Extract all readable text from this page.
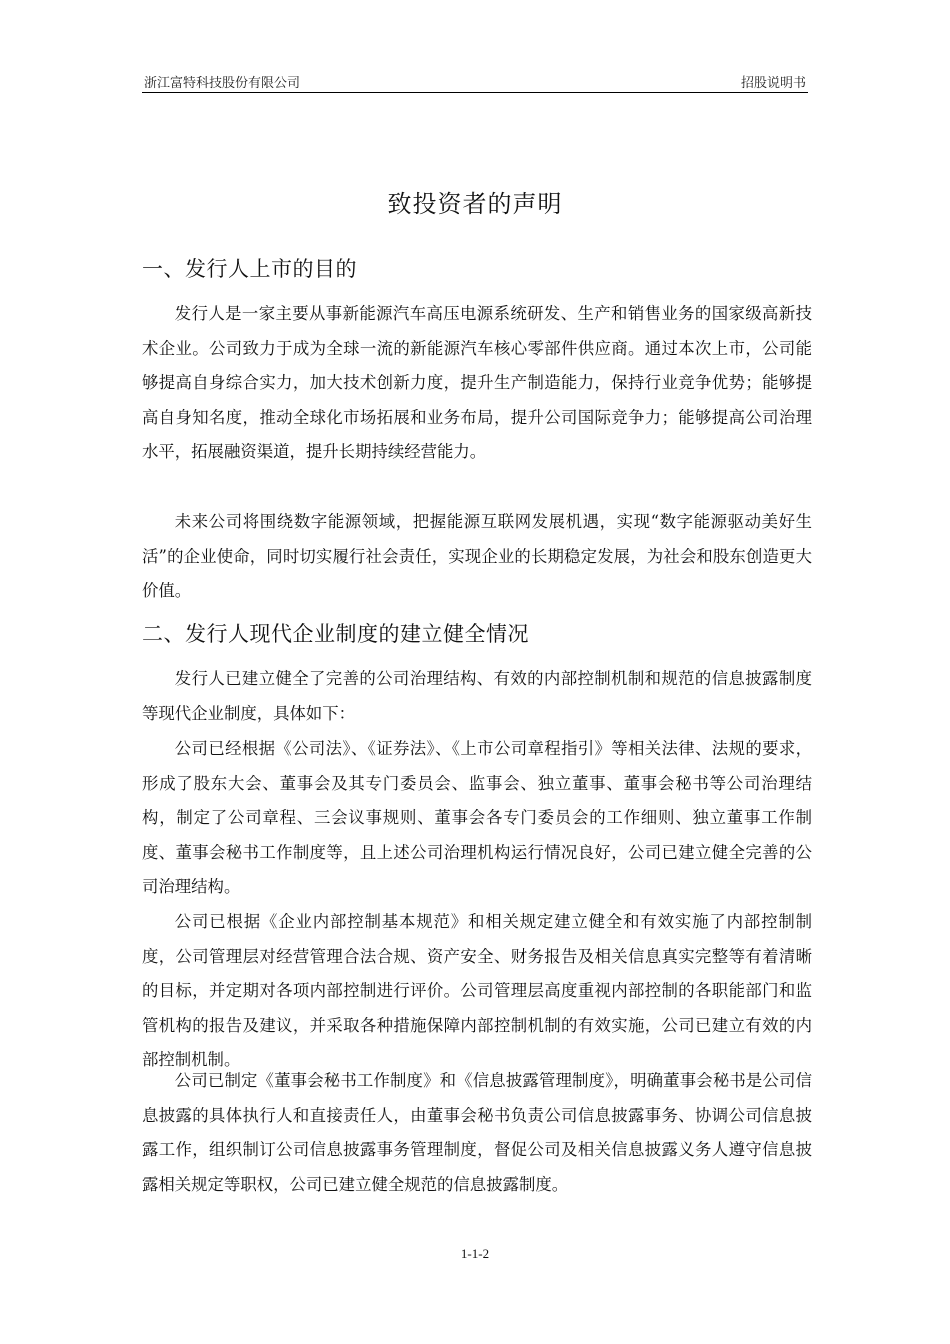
浙江富特科技股份有限公司	招股说明书
致投资者的声明
一、发行人上市的目的

发行人是一家主要从事新能源汽车高压电源系统研发、生产和销售业务的国家级高新技术企业。公司致力于成为全球一流的新能源汽车核心零部件供应商。通过本次上市，公司能够提高自身综合实力，加大技术创新力度，提升生产制造能力，保持行业竞争优势；能够提高自身知名度，推动全球化市场拓展和业务布局，提升公司国际竞争力；能够提高公司治理水平，拓展融资渠道，提升长期持续经营能力。

未来公司将围绕数字能源领域，把握能源互联网发展机遇，实现“数字能源驱动美好生活”的企业使命，同时切实履行社会责任，实现企业的长期稳定发展，为社会和股东创造更大价值。

二、发行人现代企业制度的建立健全情况

发行人已建立健全了完善的公司治理结构、有效的内部控制机制和规范的信息披露制度等现代企业制度，具体如下：

公司已经根据《公司法》、《证券法》、《上市公司章程指引》等相关法律、法规的要求，形成了股东大会、董事会及其专门委员会、监事会、独立董事、董事会秘书等公司治理结构，制定了公司章程、三会议事规则、董事会各专门委员会的工作细则、独立董事工作制度、董事会秘书工作制度等，且上述公司治理机构运行情况良好，公司已建立健全完善的公司治理结构。

公司已根据《企业内部控制基本规范》和相关规定建立健全和有效实施了内部控制制度，公司管理层对经营管理合法合规、资产安全、财务报告及相关信息真实完整等有着清晰的目标，并定期对各项内部控制进行评价。公司管理层高度重视内部控制的各职能部门和监管机构的报告及建议，并采取各种措施保障内部控制机制的有效实施，公司已建立有效的内部控制机制。

公司已制定《董事会秘书工作制度》和《信息披露管理制度》，明确董事会秘书是公司信息披露的具体执行人和直接责任人，由董事会秘书负责公司信息披露事务、协调公司信息披露工作，组织制订公司信息披露事务管理制度，督促公司及相关信息披露义务人遵守信息披露相关规定等职权，公司已建立健全规范的信息披露制度。

1-1-2
